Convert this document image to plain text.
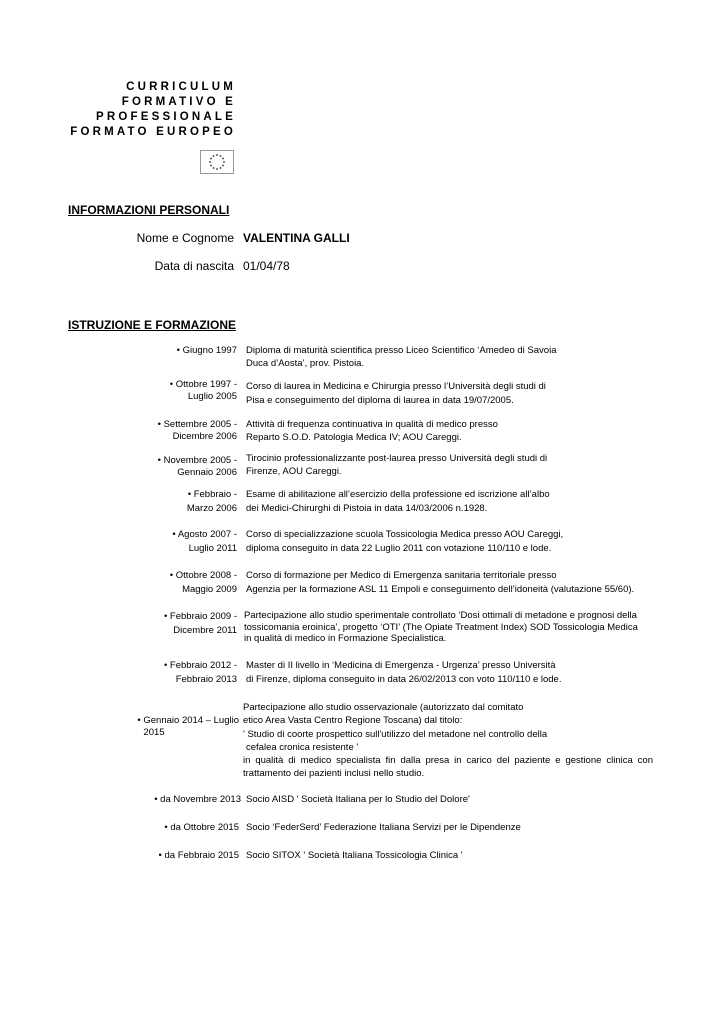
CURRICULUM
FORMATIVO E
PROFESSIONALE
FORMATO EUROPEO
INFORMAZIONI PERSONALI
Nome e Cognome VALENTINA GALLI
Data di nascita 01/04/78
ISTRUZIONE E FORMAZIONE
• Giugno 1997 Diploma di maturità scientifica presso Liceo Scientifico ‘Amedeo di Savoia
Duca d’Aosta’, prov. Pistoia.
• Ottobre 1997 -
Luglio 2005
Corso di laurea in Medicina e Chirurgia presso l’Università degli studi di
Pisa e conseguimento del diploma di laurea in data 19/07/2005.
• Settembre 2005 -
Dicembre 2006
Attività di frequenza continuativa in qualità di medico presso
Reparto S.O.D. Patologia Medica IV; AOU Careggi.
• Novembre 2005 -
Gennaio 2006
Tirocinio professionalizzante post-laurea presso Università degli studi di
Firenze, AOU Careggi.
• Febbraio -
Marzo 2006
Esame di abilitazione all’esercizio della professione ed iscrizione all’albo
dei Medici-Chirurghi di Pistoia in data 14/03/2006 n.1928.
• Agosto 2007 -
Luglio 2011
Corso di specializzazione scuola Tossicologia Medica presso AOU Careggi,
diploma conseguito in data 22 Luglio 2011 con votazione 110/110 e lode.
• Ottobre 2008 -
Maggio 2009
Corso di formazione per Medico di Emergenza sanitaria territoriale presso
Agenzia per la formazione ASL 11 Empoli e conseguimento dell’idoneità (valutazione 55/60).
• Febbraio 2009 -
Dicembre 2011
Partecipazione allo studio sperimentale controllato ‘Dosi ottimali di metadone e prognosi della
tossicomania eroinica’, progetto ‘OTI’ (The Opiate Treatment Index) SOD Tossicologia Medica
in qualità di medico in Formazione Specialistica.
• Febbraio 2012 -
Febbraio 2013
Master di II livello in ‘Medicina di Emergenza - Urgenza’ presso Università
di Firenze, diploma conseguito in data 26/02/2013 con voto 110/110 e lode.
• Gennaio 2014 – Luglio
2015
Partecipazione allo studio osservazionale (autorizzato dal comitato
etico Area Vasta Centro Regione Toscana) dal titolo:
' Studio di coorte prospettico sull'utilizzo del metadone nel controllo della
cefalea cronica resistente '
in qualità di medico specialista fin dalla presa in carico del paziente e gestione clinica con trattamento dei pazienti inclusi nello studio.
• da Novembre 2013 Socio AISD ' Società Italiana per lo Studio del Dolore'
• da Ottobre 2015 Socio ‘FederSerd’ Federazione Italiana Servizi per le Dipendenze
• da Febbraio 2015 Socio SITOX ' Società Italiana Tossicologia Clinica '
